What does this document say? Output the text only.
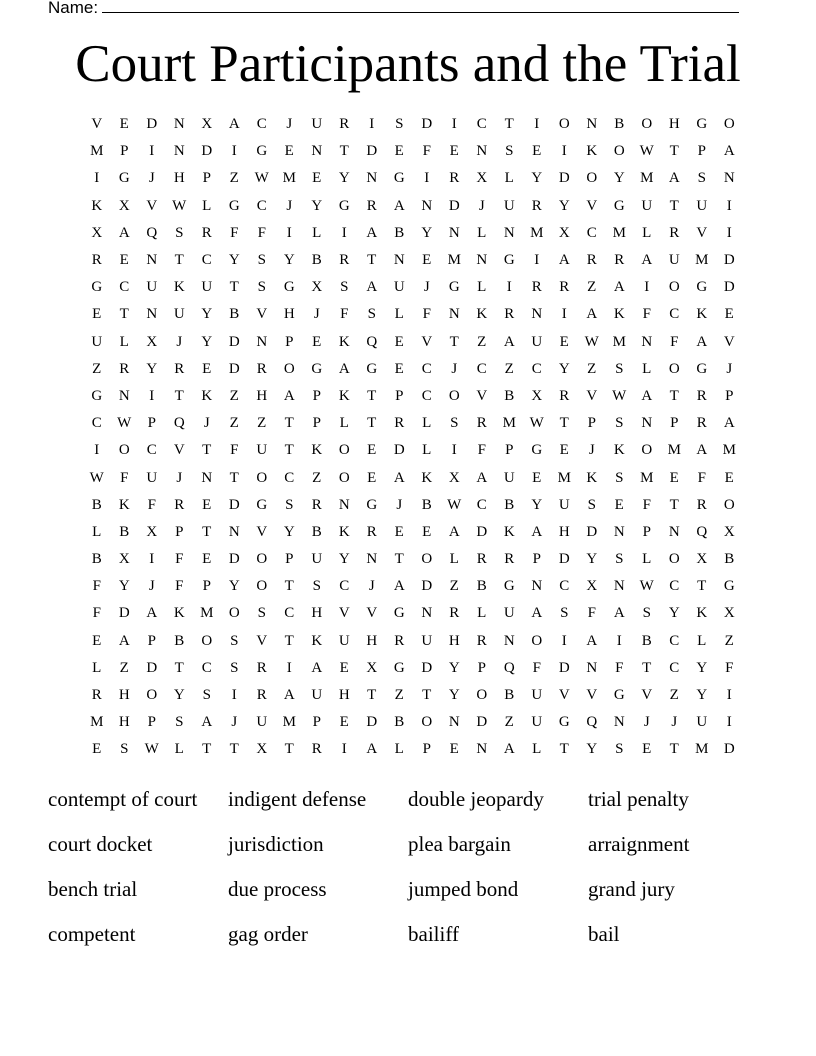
Name:
Court Participants and the Trial
V	E	D	N	X	A	C	J	U	R	I	S	D	I	C	T	I	O	N	B	O	H	G	O
M	P	I	N	D	I	G	E	N	T	D	E	F	E	N	S	E	I	K	O W	T	P	A
I	G	J	H	P	Z	W M	E	Y	N	G	I	R	X	L	Y	D	O	Y	M	A	S	N
K	X	V W	L	G	C	J	Y	G	R	A	N	D	J	U	R	Y	V	G	U	T	U	I
X	A	Q	S	R	F	F	I	L	I	A	B	Y	N	L	N	M	X	C	M	L	R	V	I
R	E	N	T	C	Y	S	Y	B	R	T	N	E	M	N	G	I	A	R	R	A	U	M	D
G	C	U	K	U	T	S	G	X	S	A	U	J	G	L	I	R	R	Z	A	I	O	G	D
E	T	N	U	Y	B	V	H	J	F	S	L	F	N	K	R	N	I	A	K	F	C	K	E
U	L	X	J	Y	D	N	P	E	K	Q	E	V	T	Z	A	U	E	W M	N	F	A	V
Z	R	Y	R	E	D	R	O	G	A	G	E	C	J	C	Z	C	Y	Z	S	L	O	G	J
G	N	I	T	K	Z	H	A	P	K	T	P	C	O	V	B	X	R	V W	A	T	R	P
C	W	P	Q	J	Z	Z	T	P	L	T	R	L	S	R	M W	T	P	S	N	P	R	A
I	O	C	V	T	F	U	T	K	O	E	D	L	I	F	P	G	E	J	K	O	M	A	M
W	F	U	J	N	T	O	C	Z	O	E	A	K	X	A	U	E	M	K	S	M	E	F	E
B	K	F	R	E	D	G	S	R	N	G	J	B	W	C	B	Y	U	S	E	F	T	R	O
L	B	X	P	T	N	V	Y	B	K	R	E	E	A	D	K	A	H	D	N	P	N	Q	X
B	X	I	F	E	D	O	P	U	Y	N	T	O	L	R	R	P	D	Y	S	L	O	X	B
F	Y	J	F	P	Y	O	T	S	C	J	A	D	Z	B	G	N	C	X	N W	C	T	G
F	D	A	K	M	O	S	C	H	V	V	G	N	R	L	U	A	S	F	A	S	Y	K	X
E	A	P	B	O	S	V	T	K	U	H	R	U	H	R	N	O	I	A	I	B	C	L	Z
L	Z	D	T	C	S	R	I	A	E	X	G	D	Y	P	Q	F	D	N	F	T	C	Y	F
R	H	O	Y	S	I	R	A	U	H	T	Z	T	Y	O	B	U	V	V	G	V	Z	Y	I
M	H	P	S	A	J	U	M	P	E	D	B	O	N	D	Z	U	G	Q	N	J	J	U	I
E	S	W	L	T	T	X	T	R	I	A	L	P	E	N	A	L	T	Y	S	E	T	M	D
contempt of court	indigent defense	double jeopardy	trial penalty
court docket	jurisdiction	plea bargain	arraignment
bench trial	due process	jumped bond	grand jury
competent	gag order	bailiff	bail
